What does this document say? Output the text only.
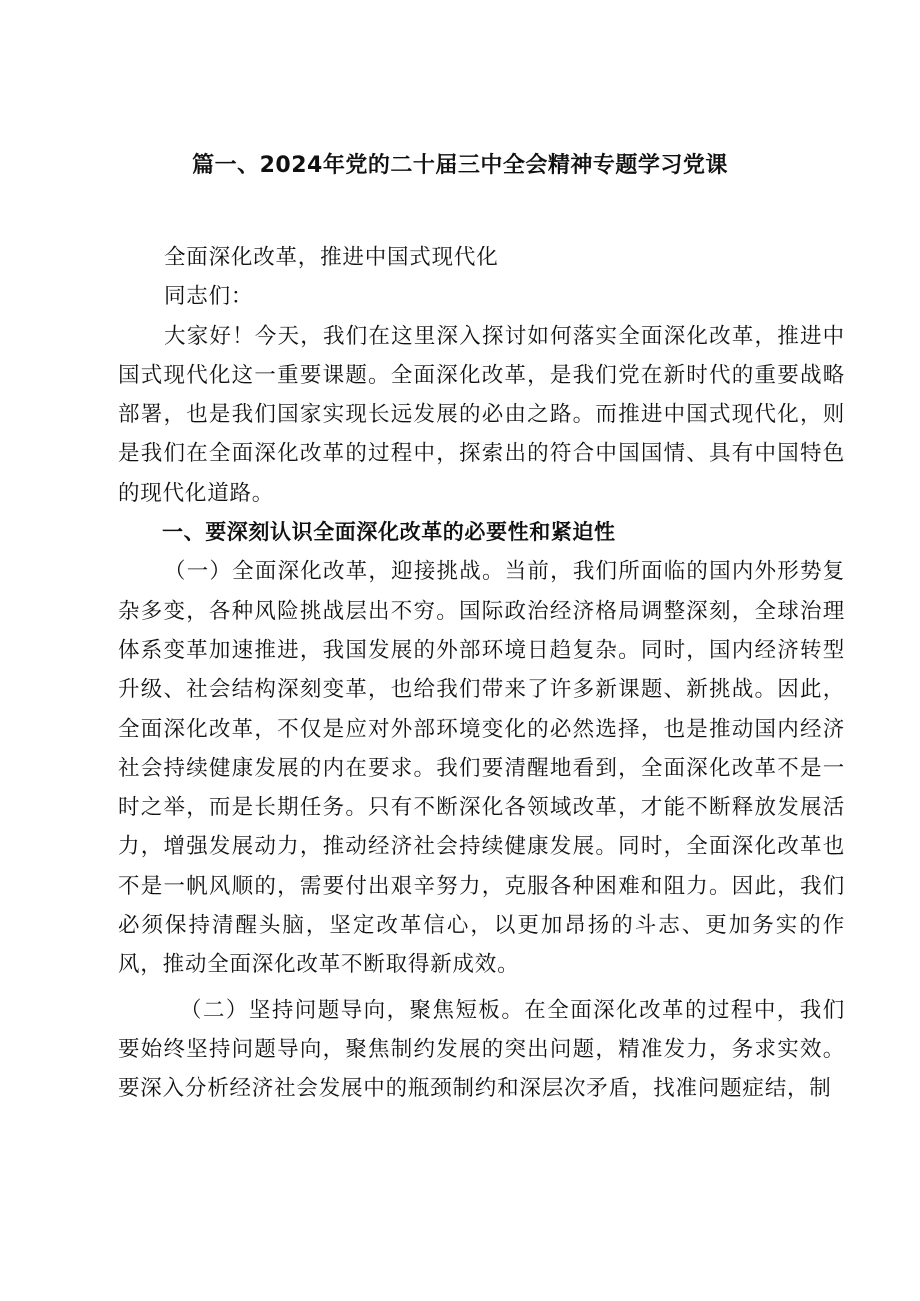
篇一、2024年党的二十届三中全会精神专题学习党课

全面深化改革，推进中国式现代化

同志们：

大家好！今天，我们在这里深入探讨如何落实全面深化改革，推进中国式现代化这一重要课题。全面深化改革，是我们党在新时代的重要战略部署，也是我们国家实现长远发展的必由之路。而推进中国式现代化，则是我们在全面深化改革的过程中，探索出的符合中国国情、具有中国特色的现代化道路。

一、要深刻认识全面深化改革的必要性和紧迫性

（一）全面深化改革，迎接挑战。当前，我们所面临的国内外形势复杂多变，各种风险挑战层出不穷。国际政治经济格局调整深刻，全球治理体系变革加速推进，我国发展的外部环境日趋复杂。同时，国内经济转型升级、社会结构深刻变革，也给我们带来了许多新课题、新挑战。因此，全面深化改革，不仅是应对外部环境变化的必然选择，也是推动国内经济社会持续健康发展的内在要求。我们要清醒地看到，全面深化改革不是一时之举，而是长期任务。只有不断深化各领域改革，才能不断释放发展活力，增强发展动力，推动经济社会持续健康发展。同时，全面深化改革也不是一帆风顺的，需要付出艰辛努力，克服各种困难和阻力。因此，我们必须保持清醒头脑，坚定改革信心，以更加昂扬的斗志、更加务实的作风，推动全面深化改革不断取得新成效。

（二）坚持问题导向，聚焦短板。在全面深化改革的过程中，我们要始终坚持问题导向，聚焦制约发展的突出问题，精准发力，务求实效。要深入分析经济社会发展中的瓶颈制约和深层次矛盾，找准问题症结，制
